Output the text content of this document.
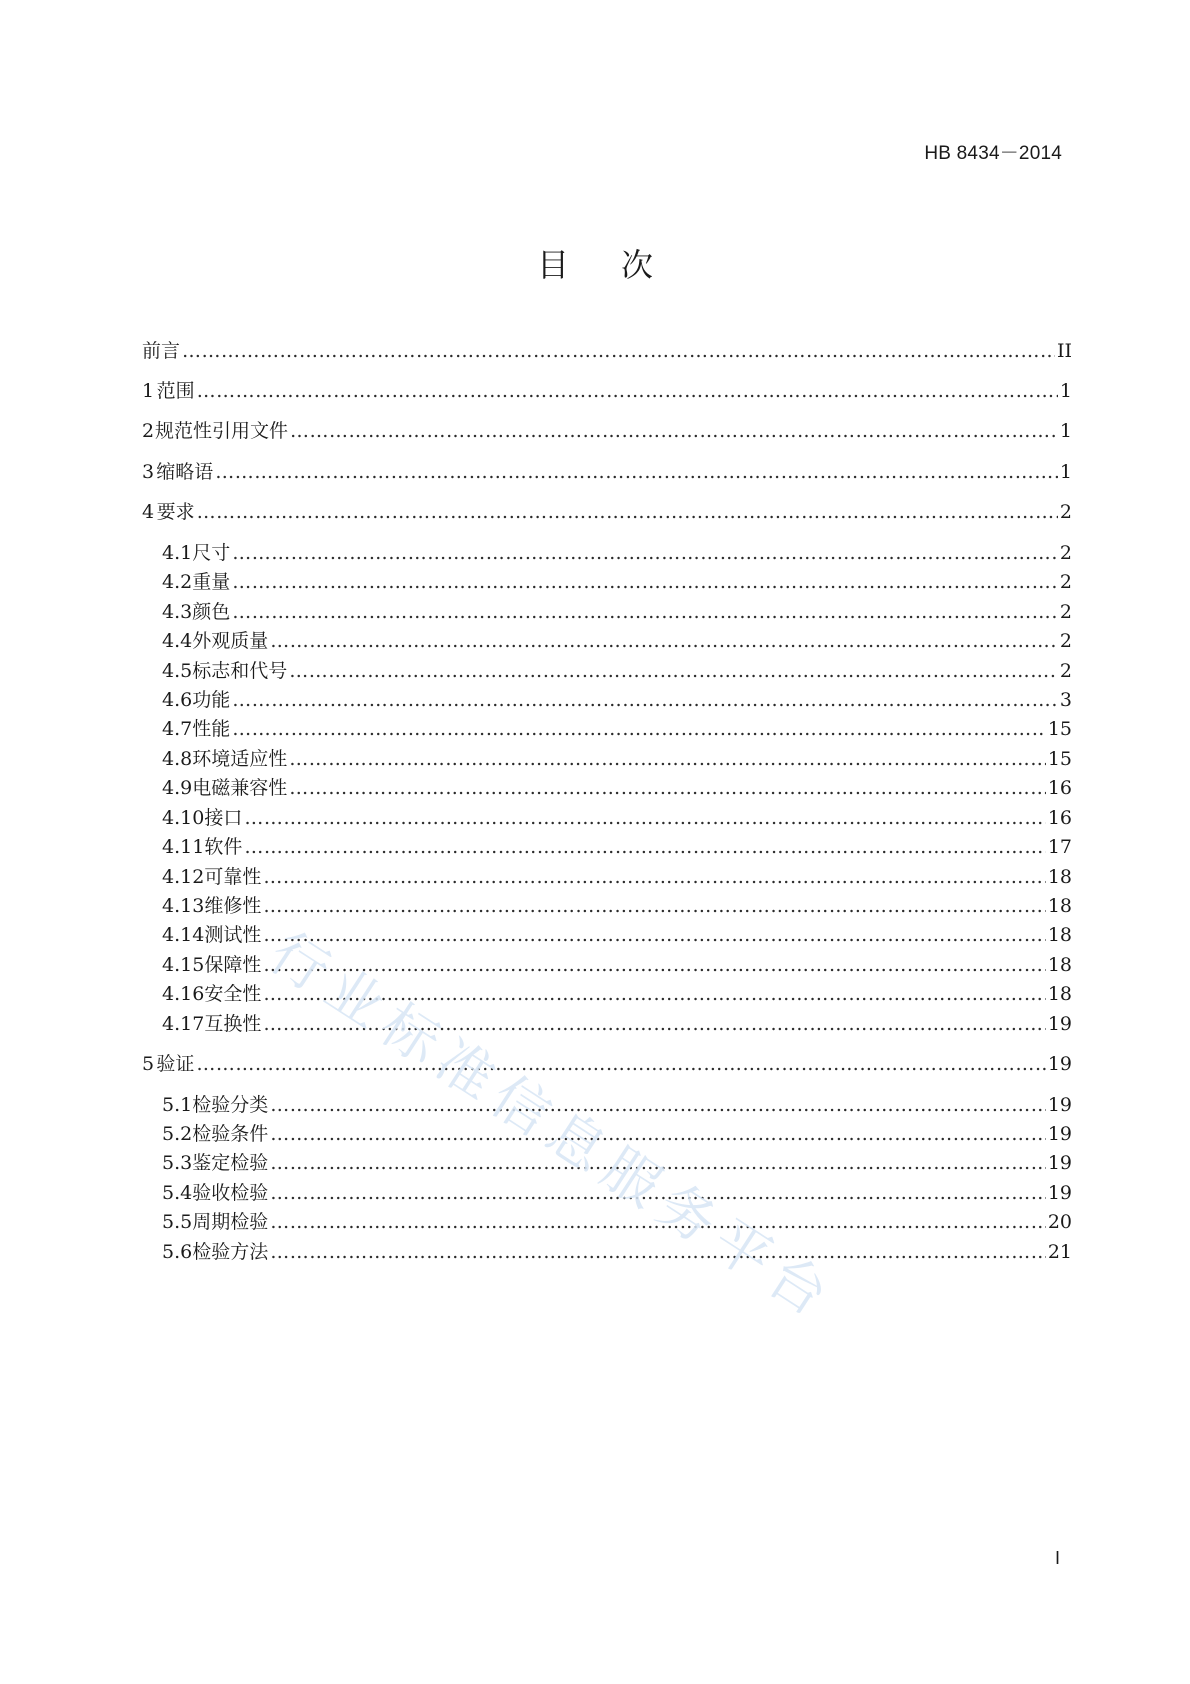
HB 8434－2014
目次
前言 …………………………………………………………………………………………………………………………………………………………………………………………………………………………………………………………………………………	II
1 范围 …………………………………………………………………………………………………………………………………………………………………………………………………………………………………………………………………………………	1
2 规范性引用文件 …………………………………………………………………………………………………………………………………………………………………………………………………………………………………………………………………………………	1
3 缩略语 …………………………………………………………………………………………………………………………………………………………………………………………………………………………………………………………………………………	1
4 要求 …………………………………………………………………………………………………………………………………………………………………………………………………………………………………………………………………………………	2
4.1 尺寸 …………………………………………………………………………………………………………………………………………………………………………………………………………………………………………………………………………………	2
4.2 重量 …………………………………………………………………………………………………………………………………………………………………………………………………………………………………………………………………………………	2
4.3 颜色 …………………………………………………………………………………………………………………………………………………………………………………………………………………………………………………………………………………	2
4.4 外观质量 …………………………………………………………………………………………………………………………………………………………………………………………………………………………………………………………………………………	2
4.5 标志和代号 …………………………………………………………………………………………………………………………………………………………………………………………………………………………………………………………………………………	2
4.6 功能 …………………………………………………………………………………………………………………………………………………………………………………………………………………………………………………………………………………	3
4.7 性能 …………………………………………………………………………………………………………………………………………………………………………………………………………………………………………………………………………………	15
4.8 环境适应性 …………………………………………………………………………………………………………………………………………………………………………………………………………………………………………………………………………………	15
4.9 电磁兼容性 …………………………………………………………………………………………………………………………………………………………………………………………………………………………………………………………………………………	16
4.10 接口 …………………………………………………………………………………………………………………………………………………………………………………………………………………………………………………………………………………	16
4.11 软件 …………………………………………………………………………………………………………………………………………………………………………………………………………………………………………………………………………………	17
4.12 可靠性 …………………………………………………………………………………………………………………………………………………………………………………………………………………………………………………………………………………	18
4.13 维修性 …………………………………………………………………………………………………………………………………………………………………………………………………………………………………………………………………………………	18
4.14 测试性 …………………………………………………………………………………………………………………………………………………………………………………………………………………………………………………………………………………	18
4.15 保障性 …………………………………………………………………………………………………………………………………………………………………………………………………………………………………………………………………………………	18
4.16 安全性 …………………………………………………………………………………………………………………………………………………………………………………………………………………………………………………………………………………	18
4.17 互换性 …………………………………………………………………………………………………………………………………………………………………………………………………………………………………………………………………………………	19
5 验证 …………………………………………………………………………………………………………………………………………………………………………………………………………………………………………………………………………………	19
5.1 检验分类 …………………………………………………………………………………………………………………………………………………………………………………………………………………………………………………………………………………	19
5.2 检验条件 …………………………………………………………………………………………………………………………………………………………………………………………………………………………………………………………………………………	19
5.3 鉴定检验 …………………………………………………………………………………………………………………………………………………………………………………………………………………………………………………………………………………	19
5.4 验收检验 …………………………………………………………………………………………………………………………………………………………………………………………………………………………………………………………………………………	19
5.5 周期检验 …………………………………………………………………………………………………………………………………………………………………………………………………………………………………………………………………………………	20
5.6 检验方法 …………………………………………………………………………………………………………………………………………………………………………………………………………………………………………………………………………………	21
行业标准信息服务平台
I
